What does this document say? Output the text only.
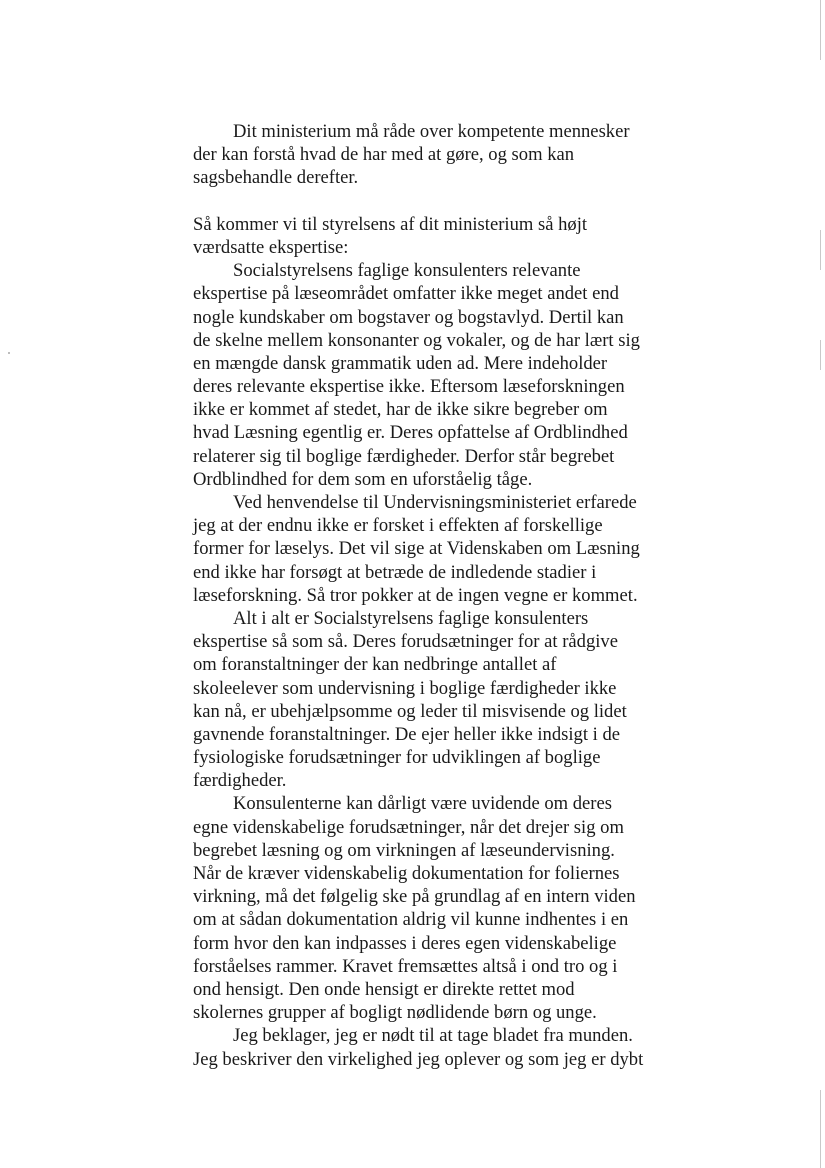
Dit ministerium må råde over kompetente mennesker
der kan forstå hvad de har med at gøre, og som kan
sagsbehandle derefter.
Så kommer vi til styrelsens af dit ministerium så højt
værdsatte ekspertise:
Socialstyrelsens faglige konsulenters relevante
ekspertise på læseområdet omfatter ikke meget andet end
nogle kundskaber om bogstaver og bogstavlyd. Dertil kan
de skelne mellem konsonanter og vokaler, og de har lært sig
en mængde dansk grammatik uden ad. Mere indeholder
deres relevante ekspertise ikke. Eftersom læseforskningen
ikke er kommet af stedet, har de ikke sikre begreber om
hvad Læsning egentlig er. Deres opfattelse af Ordblindhed
relaterer sig til boglige færdigheder. Derfor står begrebet
Ordblindhed for dem som en uforståelig tåge.
Ved henvendelse til Undervisningsministeriet erfarede
jeg at der endnu ikke er forsket i effekten af forskellige
former for læselys. Det vil sige at Videnskaben om Læsning
end ikke har forsøgt at betræde de indledende stadier i
læseforskning. Så tror pokker at de ingen vegne er kommet.
Alt i alt er Socialstyrelsens faglige konsulenters
ekspertise så som så. Deres forudsætninger for at rådgive
om foranstaltninger der kan nedbringe antallet af
skoleelever som undervisning i boglige færdigheder ikke
kan nå, er ubehjælpsomme og leder til misvisende og lidet
gavnende foranstaltninger. De ejer heller ikke indsigt i de
fysiologiske forudsætninger for udviklingen af boglige
færdigheder.
Konsulenterne kan dårligt være uvidende om deres
egne videnskabelige forudsætninger, når det drejer sig om
begrebet læsning og om virkningen af læseundervisning.
Når de kræver videnskabelig dokumentation for foliernes
virkning, må det følgelig ske på grundlag af en intern viden
om at sådan dokumentation aldrig vil kunne indhentes i en
form hvor den kan indpasses i deres egen videnskabelige
forståelses rammer. Kravet fremsættes altså i ond tro og i
ond hensigt. Den onde hensigt er direkte rettet mod
skolernes grupper af bogligt nødlidende børn og unge.
Jeg beklager, jeg er nødt til at tage bladet fra munden.
Jeg beskriver den virkelighed jeg oplever og som jeg er dybt
